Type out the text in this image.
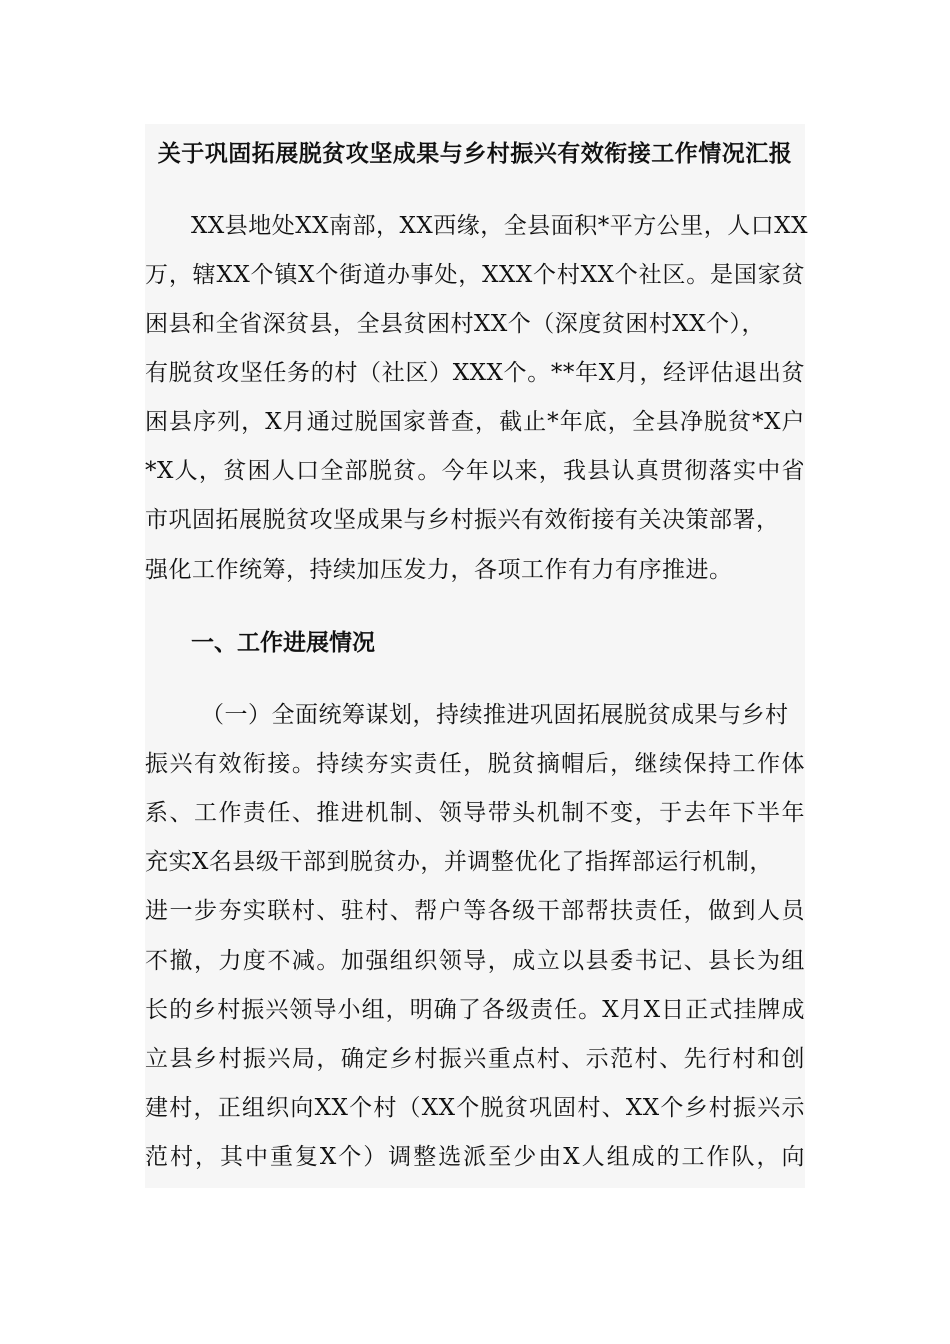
关于巩固拓展脱贫攻坚成果与乡村振兴有效衔接工作情况汇报
XX县地处XX南部，XX西缘，全县面积*平方公里，人口XX
万，辖XX个镇X个街道办事处，XXX个村XX个社区。是国家贫
困县和全省深贫县，全县贫困村XX个（深度贫困村XX个），
有脱贫攻坚任务的村（社区）XXX个。**年X月，经评估退出贫
困县序列，X月通过脱国家普查，截止*年底，全县净脱贫*X户
*X人，贫困人口全部脱贫。今年以来，我县认真贯彻落实中省
市巩固拓展脱贫攻坚成果与乡村振兴有效衔接有关决策部署，
强化工作统筹，持续加压发力，各项工作有力有序推进。
一、工作进展情况
（一）全面统筹谋划，持续推进巩固拓展脱贫成果与乡村
振兴有效衔接。持续夯实责任，脱贫摘帽后，继续保持工作体
系、工作责任、推进机制、领导带头机制不变，于去年下半年
充实X名县级干部到脱贫办，并调整优化了指挥部运行机制，
进一步夯实联村、驻村、帮户等各级干部帮扶责任，做到人员
不撤，力度不减。加强组织领导，成立以县委书记、县长为组
长的乡村振兴领导小组，明确了各级责任。X月X日正式挂牌成
立县乡村振兴局，确定乡村振兴重点村、示范村、先行村和创
建村，正组织向XX个村（XX个脱贫巩固村、XX个乡村振兴示
范村，其中重复X个）调整选派至少由X人组成的工作队，向
